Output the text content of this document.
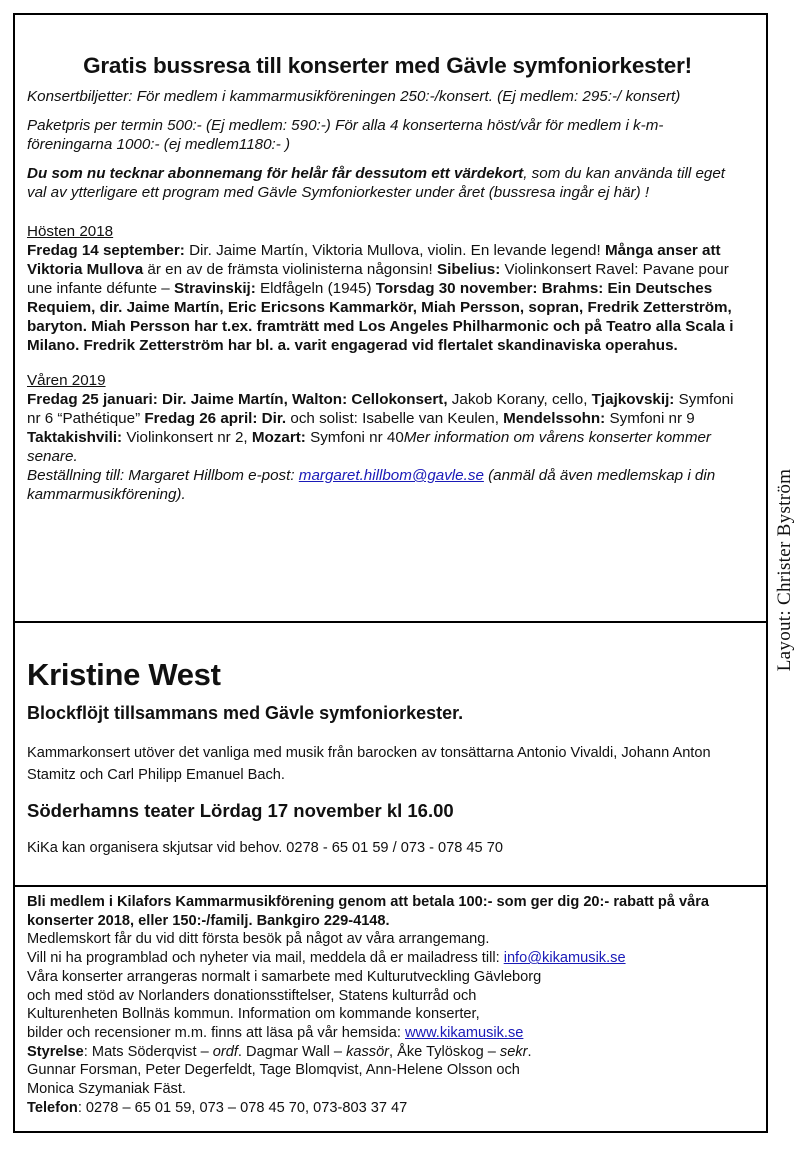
Gratis bussresa till konserter med Gävle symfoniorkester!

Konsertbiljetter: För medlem i kammarmusikföreningen 250:-/konsert. (Ej medlem: 295:-/ konsert)

Paketpris per termin 500:- (Ej medlem: 590:-) För alla 4 konserterna höst/vår för medlem i k-m-föreningarna 1000:- (ej medlem1180:- )

Du som nu tecknar abonnemang för helår får dessutom ett värdekort, som du kan använda till eget val av ytterligare ett program med Gävle Symfoniorkester under året (bussresa ingår ej här) !

Hösten 2018
Fredag 14 september: Dir. Jaime Martín, Viktoria Mullova, violin. En levande legend! Många anser att Viktoria Mullova är en av de främsta violinisterna någonsin! Sibelius: Violinkonsert Ravel: Pavane pour une infante défunte – Stravinskij: Eldfågeln (1945) Torsdag 30 november: Brahms: Ein Deutsches Requiem, dir. Jaime Martín, Eric Ericsons Kammarkör, Miah Persson, sopran, Fredrik Zetterström, baryton. Miah Persson har t.ex. framträtt med Los Angeles Philharmonic och på Teatro alla Scala i Milano. Fredrik Zetterström har bl. a. varit engagerad vid flertalet skandinaviska operahus.
Våren 2019
Fredag 25 januari: Dir. Jaime Martín, Walton: Cellokonsert, Jakob Korany, cello, Tjajkovskij: Symfoni nr 6 “Pathétique” Fredag 26 april: Dir. och solist: Isabelle van Keulen, Mendelssohn: Symfoni nr 9
Taktakishvili: Violinkonsert nr 2, Mozart: Symfoni nr 40Mer information om vårens konserter kommer senare.
Beställning till: Margaret Hillbom e-post: margaret.hillbom@gavle.se (anmäl då även medlemskap i din kammarmusikförening).
Kristine West
Blockflöjt tillsammans med Gävle symfoniorkester.
Kammarkonsert utöver det vanliga med musik från barocken av tonsättarna Antonio Vivaldi, Johann Anton Stamitz och Carl Philipp Emanuel Bach.
Söderhamns teater Lördag 17 november kl 16.00
KiKa kan organisera skjutsar vid behov. 0278 - 65 01 59 / 073 - 078 45 70

Bli medlem i Kilafors Kammarmusikförening genom att betala 100:- som ger dig 20:- rabatt på våra konserter 2018, eller 150:-/familj. Bankgiro 229-4148.

Medlemskort får du vid ditt första besök på något av våra arrangemang.

Vill ni ha programblad och nyheter via mail, meddela då er mailadress till: info@kikamusik.se

Våra konserter arrangeras normalt i samarbete med Kulturutveckling Gävleborg

och med stöd av Norlanders donationsstiftelser, Statens kulturråd och

Kulturenheten Bollnäs kommun. Information om kommande konserter,

bilder och recensioner m.m. finns att läsa på vår hemsida: www.kikamusik.se

Styrelse: Mats Söderqvist – ordf. Dagmar Wall – kassör, Åke Tylöskog – sekr.

Gunnar Forsman, Peter Degerfeldt, Tage Blomqvist, Ann-Helene Olsson och

Monica Szymaniak Fäst.

Telefon: 0278 – 65 01 59, 073 – 078 45 70, 073-803 37 47

Layout: Christer Byström
